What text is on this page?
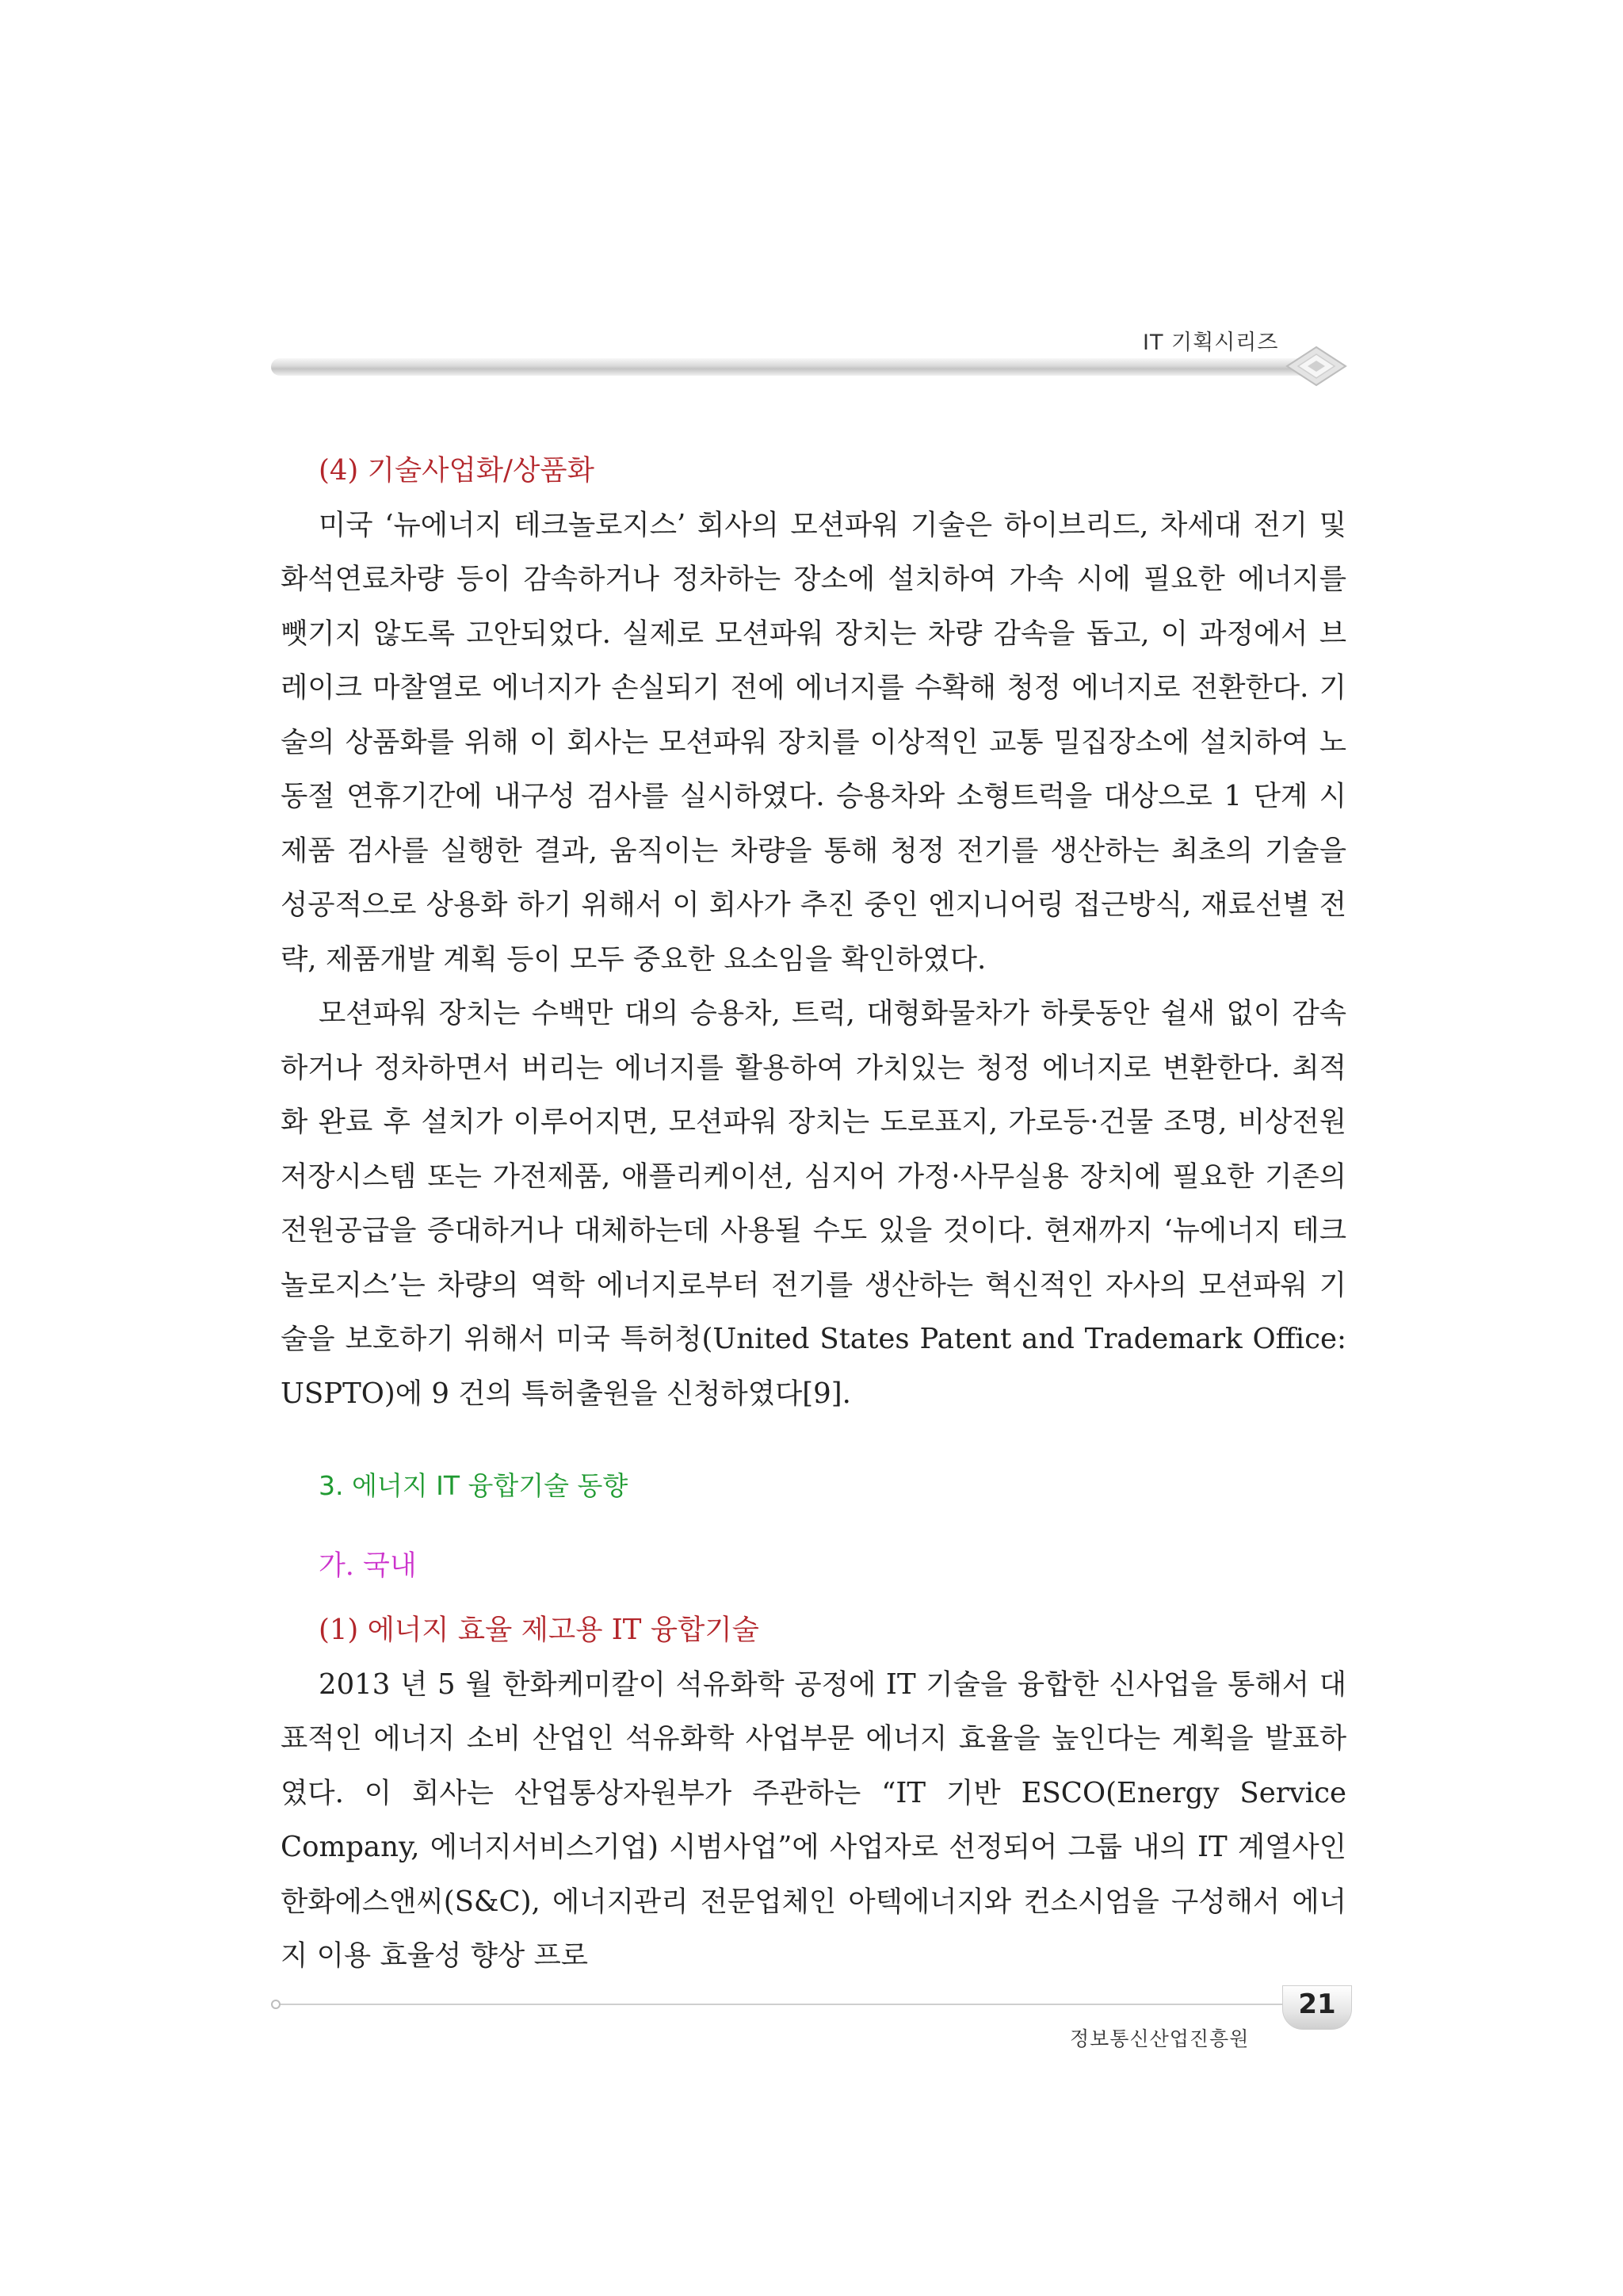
IT 기획시리즈

(4) 기술사업화/상품화

미국 ‘뉴에너지 테크놀로지스’ 회사의 모션파워 기술은 하이브리드, 차세대 전기 및 화석연료차량 등이 감속하거나 정차하는 장소에 설치하여 가속 시에 필요한 에너지를 뺏기지 않도록 고안되었다. 실제로 모션파워 장치는 차량 감속을 돕고, 이 과정에서 브레이크 마찰열로 에너지가 손실되기 전에 에너지를 수확해 청정 에너지로 전환한다. 기술의 상품화를 위해 이 회사는 모션파워 장치를 이상적인 교통 밀집장소에 설치하여 노동절 연휴기간에 내구성 검사를 실시하였다. 승용차와 소형트럭을 대상으로 1 단계 시제품 검사를 실행한 결과, 움직이는 차량을 통해 청정 전기를 생산하는 최초의 기술을 성공적으로 상용화 하기 위해서 이 회사가 추진 중인 엔지니어링 접근방식, 재료선별 전략, 제품개발 계획 등이 모두 중요한 요소임을 확인하였다.

모션파워 장치는 수백만 대의 승용차, 트럭, 대형화물차가 하룻동안 쉴새 없이 감속하거나 정차하면서 버리는 에너지를 활용하여 가치있는 청정 에너지로 변환한다. 최적화 완료 후 설치가 이루어지면, 모션파워 장치는 도로표지, 가로등·건물 조명, 비상전원 저장시스템 또는 가전제품, 애플리케이션, 심지어 가정·사무실용 장치에 필요한 기존의 전원공급을 증대하거나 대체하는데 사용될 수도 있을 것이다. 현재까지 ‘뉴에너지 테크놀로지스’는 차량의 역학 에너지로부터 전기를 생산하는 혁신적인 자사의 모션파워 기술을 보호하기 위해서 미국 특허청(United States Patent and Trademark Office: USPTO)에 9 건의 특허출원을 신청하였다[9].

3. 에너지 IT 융합기술 동향

가. 국내

(1) 에너지 효율 제고용 IT 융합기술

2013 년 5 월 한화케미칼이 석유화학 공정에 IT 기술을 융합한 신사업을 통해서 대표적인 에너지 소비 산업인 석유화학 사업부문 에너지 효율을 높인다는 계획을 발표하였다. 이 회사는 산업통상자원부가 주관하는 “IT 기반 ESCO(Energy Service Company, 에너지서비스기업) 시범사업”에 사업자로 선정되어 그룹 내의 IT 계열사인 한화에스앤씨(S&C), 에너지관리 전문업체인 아텍에너지와 컨소시엄을 구성해서 에너지 이용 효율성 향상 프로

21
정보통신산업진흥원
